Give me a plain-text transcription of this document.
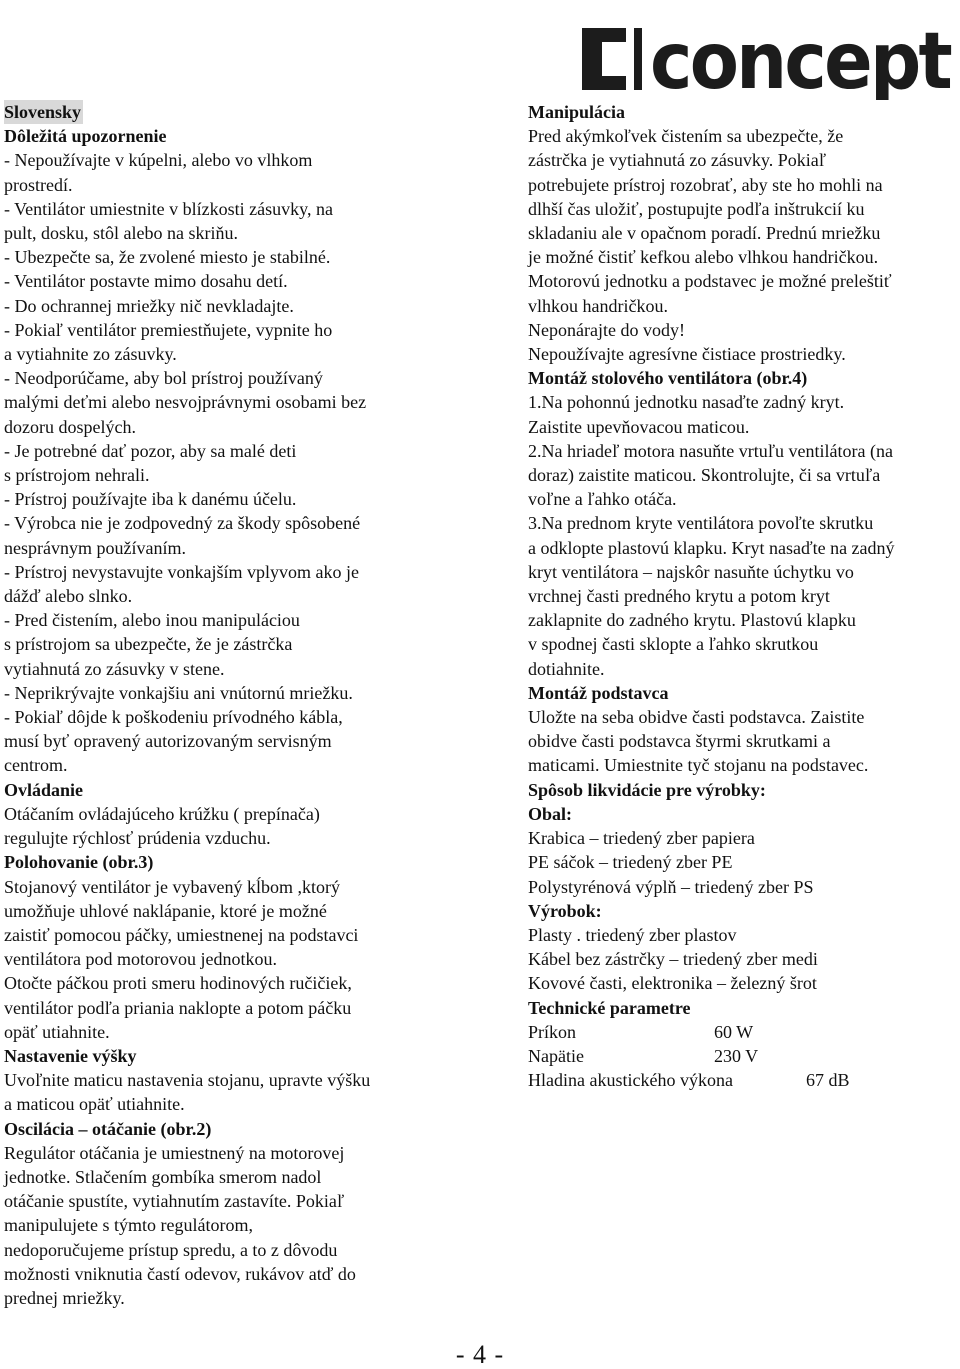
concept
Slovensky
Dôležitá upozornenie
- Nepoužívajte v kúpelni, alebo vo vlhkom
prostredí.
- Ventilátor umiestnite v blízkosti zásuvky, na
pult, dosku, stôl alebo na skriňu.
- Ubezpečte sa, že zvolené miesto je stabilné.
- Ventilátor postavte mimo dosahu detí.
- Do ochrannej mriežky nič nevkladajte.
- Pokiaľ ventilátor premiestňujete, vypnite ho
a vytiahnite zo zásuvky.
- Neodporúčame, aby bol prístroj používaný
malými deťmi alebo nesvojprávnymi osobami bez
dozoru dospelých.
- Je potrebné dať pozor, aby sa malé deti
s prístrojom nehrali.
- Prístroj používajte iba k danému účelu.
- Výrobca nie je zodpovedný za škody spôsobené
nesprávnym používaním.
- Prístroj nevystavujte vonkajším vplyvom ako je
dážď alebo slnko.
- Pred čistením, alebo inou manipuláciou
s prístrojom sa ubezpečte, že je zástrčka
vytiahnutá zo zásuvky v stene.
- Neprikrývajte vonkajšiu ani vnútornú mriežku.
- Pokiaľ dôjde k poškodeniu prívodného kábla,
musí byť opravený autorizovaným servisným
centrom.
Ovládanie
Otáčaním ovládajúceho krúžku ( prepínača)
regulujte rýchlosť prúdenia vzduchu.
Polohovanie (obr.3)
Stojanový ventilátor je vybavený kĺbom ,ktorý
umožňuje uhlové naklápanie, ktoré je možné
zaistiť pomocou páčky, umiestnenej na podstavci
ventilátora pod motorovou jednotkou.
Otočte páčkou proti smeru hodinových ručičiek,
ventilátor podľa priania naklopte a potom páčku
opäť utiahnite.
Nastavenie výšky
Uvoľnite maticu nastavenia stojanu, upravte výšku
a maticou opäť utiahnite.
Oscilácia – otáčanie (obr.2)
Regulátor otáčania je umiestnený na motorovej
jednotke. Stlačením gombíka smerom nadol
otáčanie spustíte, vytiahnutím zastavíte. Pokiaľ
manipulujete s týmto regulátorom,
nedoporučujeme prístup spredu, a to z dôvodu
možnosti vniknutia častí odevov, rukávov atď do
prednej mriežky.
Manipulácia
Pred akýmkoľvek čistením sa ubezpečte, že
zástrčka je vytiahnutá zo zásuvky. Pokiaľ
potrebujete prístroj rozobrať, aby ste ho mohli na
dlhší čas uložiť, postupujte podľa inštrukcií ku
skladaniu ale v opačnom poradí. Prednú mriežku
je možné čistiť kefkou alebo vlhkou handričkou.
Motorovú jednotku a podstavec je možné preleštiť
vlhkou handričkou.
Neponárajte do vody!
Nepoužívajte agresívne čistiace prostriedky.
Montáž stolového ventilátora (obr.4)
1.Na pohonnú jednotku nasaďte zadný kryt.
Zaistite upevňovacou maticou.
2.Na hriadeľ motora nasuňte vrtuľu ventilátora (na
doraz) zaistite maticou. Skontrolujte, či sa vrtuľa
voľne a ľahko otáča.
3.Na prednom kryte ventilátora povoľte skrutku
a odklopte plastovú klapku. Kryt nasaďte na zadný
kryt ventilátora – najskôr nasuňte úchytku vo
vrchnej časti predného krytu a potom kryt
zaklapnite do zadného krytu. Plastovú klapku
v spodnej časti sklopte a ľahko skrutkou
dotiahnite.
Montáž podstavca
Uložte na seba obidve časti podstavca. Zaistite
obidve časti podstavca štyrmi skrutkami a
maticami. Umiestnite tyč stojanu na podstavec.
Spôsob likvidácie pre výrobky:
Obal:
Krabica – triedený zber papiera
PE sáčok – triedený zber PE
Polystyrénová výplň – triedený zber PS
Výrobok:
Plasty . triedený zber plastov
Kábel bez zástrčky – triedený zber medi
Kovové časti, elektronika – železný šrot
Technické parametre
Príkon	60 W
Napätie	230 V
Hladina akustického výkona	67 dB
- 4 -
